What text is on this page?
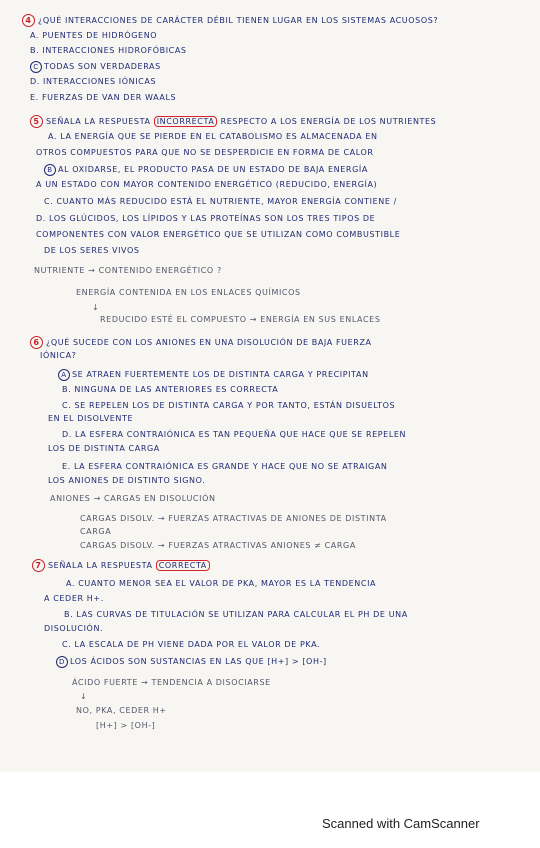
4 ¿QUÉ INTERACCIONES DE CARÁCTER DÉBIL TIENEN LUGAR EN LOS SISTEMAS ACUOSOS?
A. PUENTES DE HIDRÓGENO
B. INTERACCIONES HIDROFÓBICAS
C TODAS SON VERDADERAS
D. INTERACCIONES IÓNICAS
E. FUERZAS DE VAN DER WAALS
5 SEÑALA LA RESPUESTA INCORRECTA RESPECTO A LOS ENERGÍA DE LOS NUTRIENTES
A. LA ENERGÍA QUE SE PIERDE EN EL CATABOLISMO ES ALMACENADA EN
OTROS COMPUESTOS PARA QUE NO SE DESPERDICIE EN FORMA DE CALOR
B AL OXIDARSE, EL PRODUCTO PASA DE UN ESTADO DE BAJA ENERGÍA
A UN ESTADO CON MAYOR CONTENIDO ENERGÉTICO (REDUCIDO, ENERGÍA)
C. CUANTO MÁS REDUCIDO ESTÁ EL NUTRIENTE, MAYOR ENERGÍA CONTIENE /
D. LOS GLÚCIDOS, LOS LÍPIDOS Y LAS PROTEÍNAS SON LOS TRES TIPOS DE
COMPONENTES CON VALOR ENERGÉTICO QUE SE UTILIZAN COMO COMBUSTIBLE
DE LOS SERES VIVOS
NUTRIENTE → CONTENIDO ENERGÉTICO ?
ENERGÍA CONTENIDA EN LOS ENLACES QUÍMICOS
↓
REDUCIDO ESTÉ EL COMPUESTO → ENERGÍA EN SUS ENLACES
6 ¿QUÉ SUCEDE CON LOS ANIONES EN UNA DISOLUCIÓN DE BAJA FUERZA
IÓNICA?
A SE ATRAEN FUERTEMENTE LOS DE DISTINTA CARGA Y PRECIPITAN
B. NINGUNA DE LAS ANTERIORES ES CORRECTA
C. SE REPELEN LOS DE DISTINTA CARGA Y POR TANTO, ESTÁN DISUELTOS
EN EL DISOLVENTE
D. LA ESFERA CONTRAIÓNICA ES TAN PEQUEÑA QUE HACE QUE SE REPELEN
LOS DE DISTINTA CARGA
E. LA ESFERA CONTRAIÓNICA ES GRANDE Y HACE QUE NO SE ATRAIGAN
LOS ANIONES DE DISTINTO SIGNO.
ANIONES → CARGAS EN DISOLUCIÓN
CARGAS DISOLV. → FUERZAS ATRACTIVAS DE ANIONES DE DISTINTA
CARGA
CARGAS DISOLV. → FUERZAS ATRACTIVAS ANIONES ≠ CARGA
7 SEÑALA LA RESPUESTA CORRECTA
A. CUANTO MENOR SEA EL VALOR DE PKA, MAYOR ES LA TENDENCIA
A CEDER H+.
B. LAS CURVAS DE TITULACIÓN SE UTILIZAN PARA CALCULAR EL PH DE UNA
DISOLUCIÓN.
C. LA ESCALA DE PH VIENE DADA POR EL VALOR DE PKA.
D LOS ÁCIDOS SON SUSTANCIAS EN LAS QUE [H+] > [OH-]
ÁCIDO FUERTE → TENDENCIA A DISOCIARSE
↓
NO, PKA, CEDER H+
[H+] > [OH-]
Scanned with CamScanner
